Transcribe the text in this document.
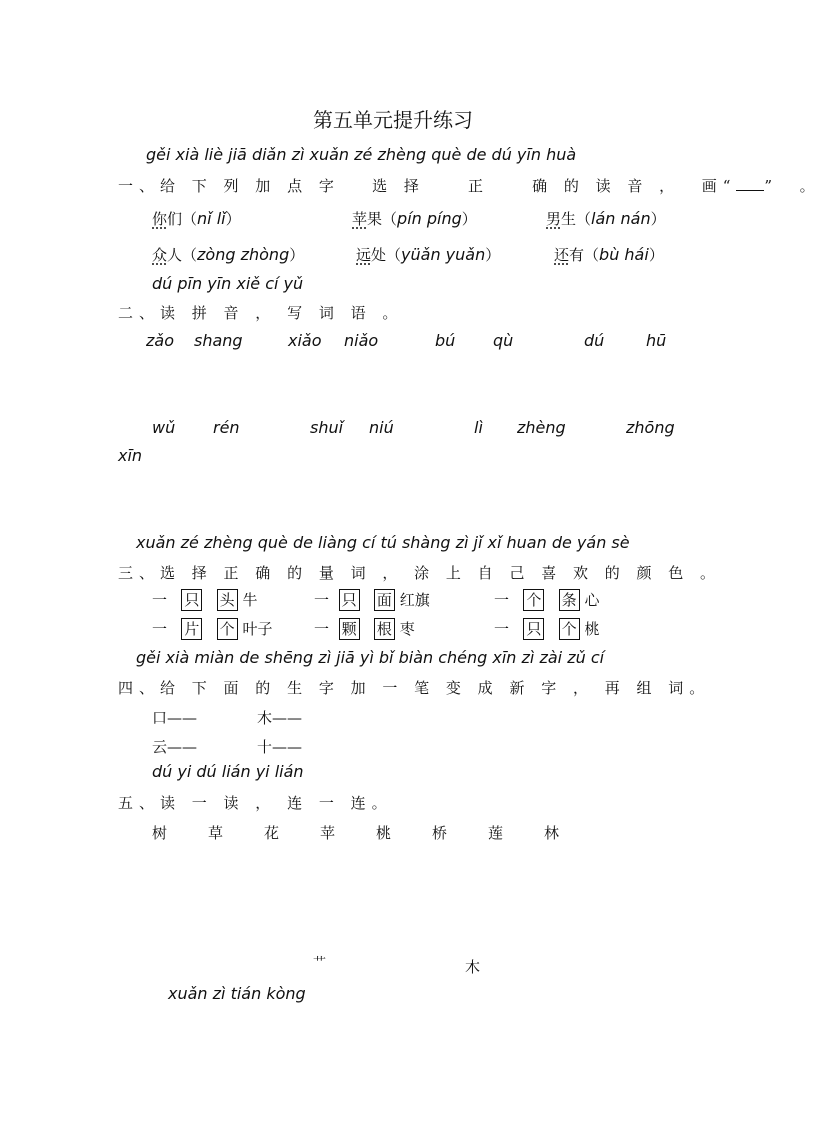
第五单元提升练习
gěi xià liè jiā diǎn zì xuǎn zé zhèng què de dú yīn huà
一、给 下 列 加 点 字 选 择	正	确 的 读 音 ， 画“ ” 。
你们（nǐ lǐ）	苹果（pín píng）	男生（lán nán）
众人（zòng zhòng）	远处（yüǎn yuǎn）	还有（bù hái）
dú pīn yīn xiě cí yǔ
二、读 拼 音 ， 写 词 语 。
zǎo shang	xiǎo niǎo	bú qù	dú	hū
wǔ rén	shuǐ niú	lì zhèng	zhōng
xīn
xuǎn zé zhèng què de liàng cí tú shàng zì jǐ xǐ huan de yán sè
三、选 择 正 确 的 量 词 ， 涂 上 自 己 喜 欢 的 颜 色 。
一 只 头 牛	一 只 面 红旗	一 个 条 心
一 片 个 叶子	一 颗 根 枣	一 只 个 桃
gěi xià miàn de shēng zì jiā yì bǐ biàn chéng xīn zì zài zǔ cí
四、给 下 面 的 生 字 加 一 笔 变 成 新 字 ， 再 组 词。
口——	木——
云——	十——
dú yi dú lián yi lián
五、读 一 读 ， 连 一 连。
树	草	花	苹	桃	桥	莲	林
艹	木
xuǎn zì tián kòng
